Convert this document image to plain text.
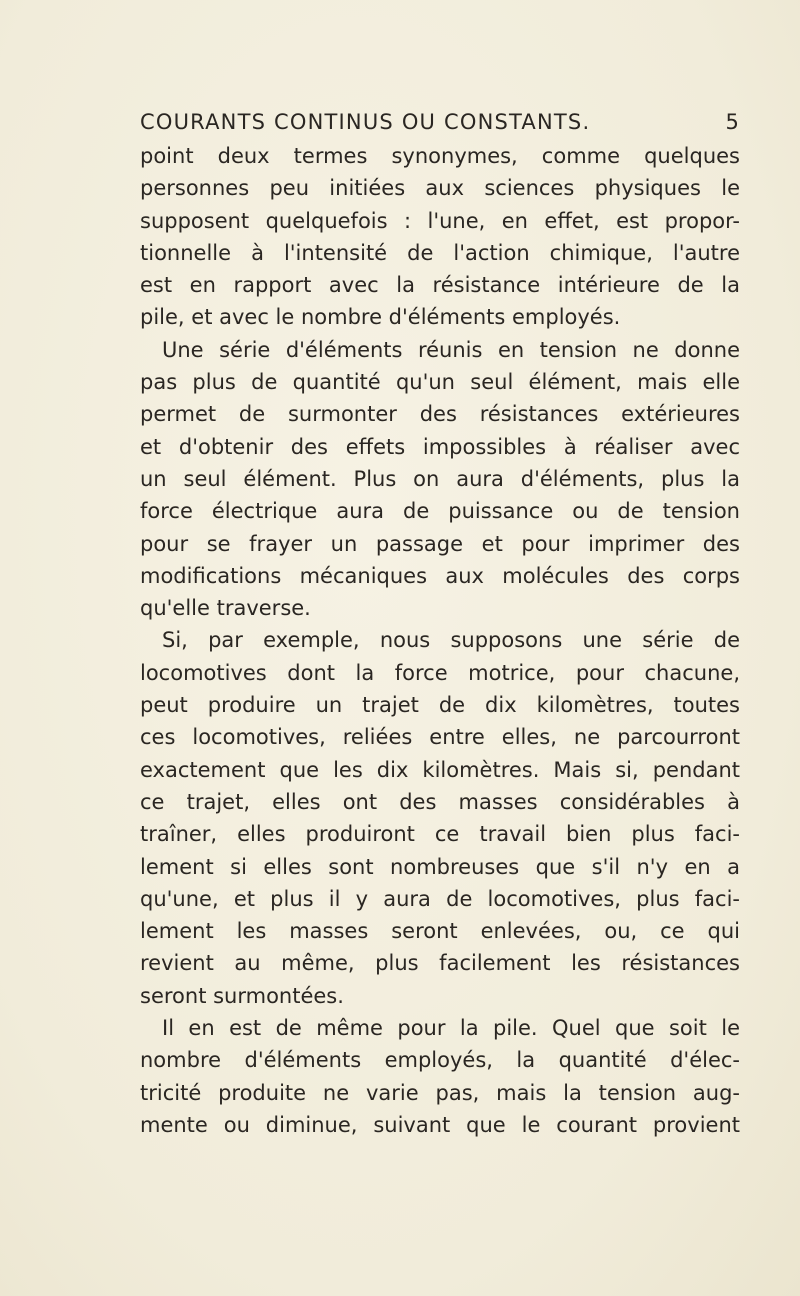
COURANTS CONTINUS OU CONSTANTS.	5
point deux termes synonymes, comme quelques
personnes peu initiées aux sciences physiques le
supposent quelquefois : l'une, en effet, est propor-
tionnelle à l'intensité de l'action chimique, l'autre
est en rapport avec la résistance intérieure de la
pile, et avec le nombre d'éléments employés.
Une série d'éléments réunis en tension ne donne
pas plus de quantité qu'un seul élément, mais elle
permet de surmonter des résistances extérieures
et d'obtenir des effets impossibles à réaliser avec
un seul élément. Plus on aura d'éléments, plus la
force électrique aura de puissance ou de tension
pour se frayer un passage et pour imprimer des
modifications mécaniques aux molécules des corps
qu'elle traverse.
Si, par exemple, nous supposons une série de
locomotives dont la force motrice, pour chacune,
peut produire un trajet de dix kilomètres, toutes
ces locomotives, reliées entre elles, ne parcourront
exactement que les dix kilomètres. Mais si, pendant
ce trajet, elles ont des masses considérables à
traîner, elles produiront ce travail bien plus faci-
lement si elles sont nombreuses que s'il n'y en a
qu'une, et plus il y aura de locomotives, plus faci-
lement les masses seront enlevées, ou, ce qui
revient au même, plus facilement les résistances
seront surmontées.
Il en est de même pour la pile. Quel que soit le
nombre d'éléments employés, la quantité d'élec-
tricité produite ne varie pas, mais la tension aug-
mente ou diminue, suivant que le courant provient
